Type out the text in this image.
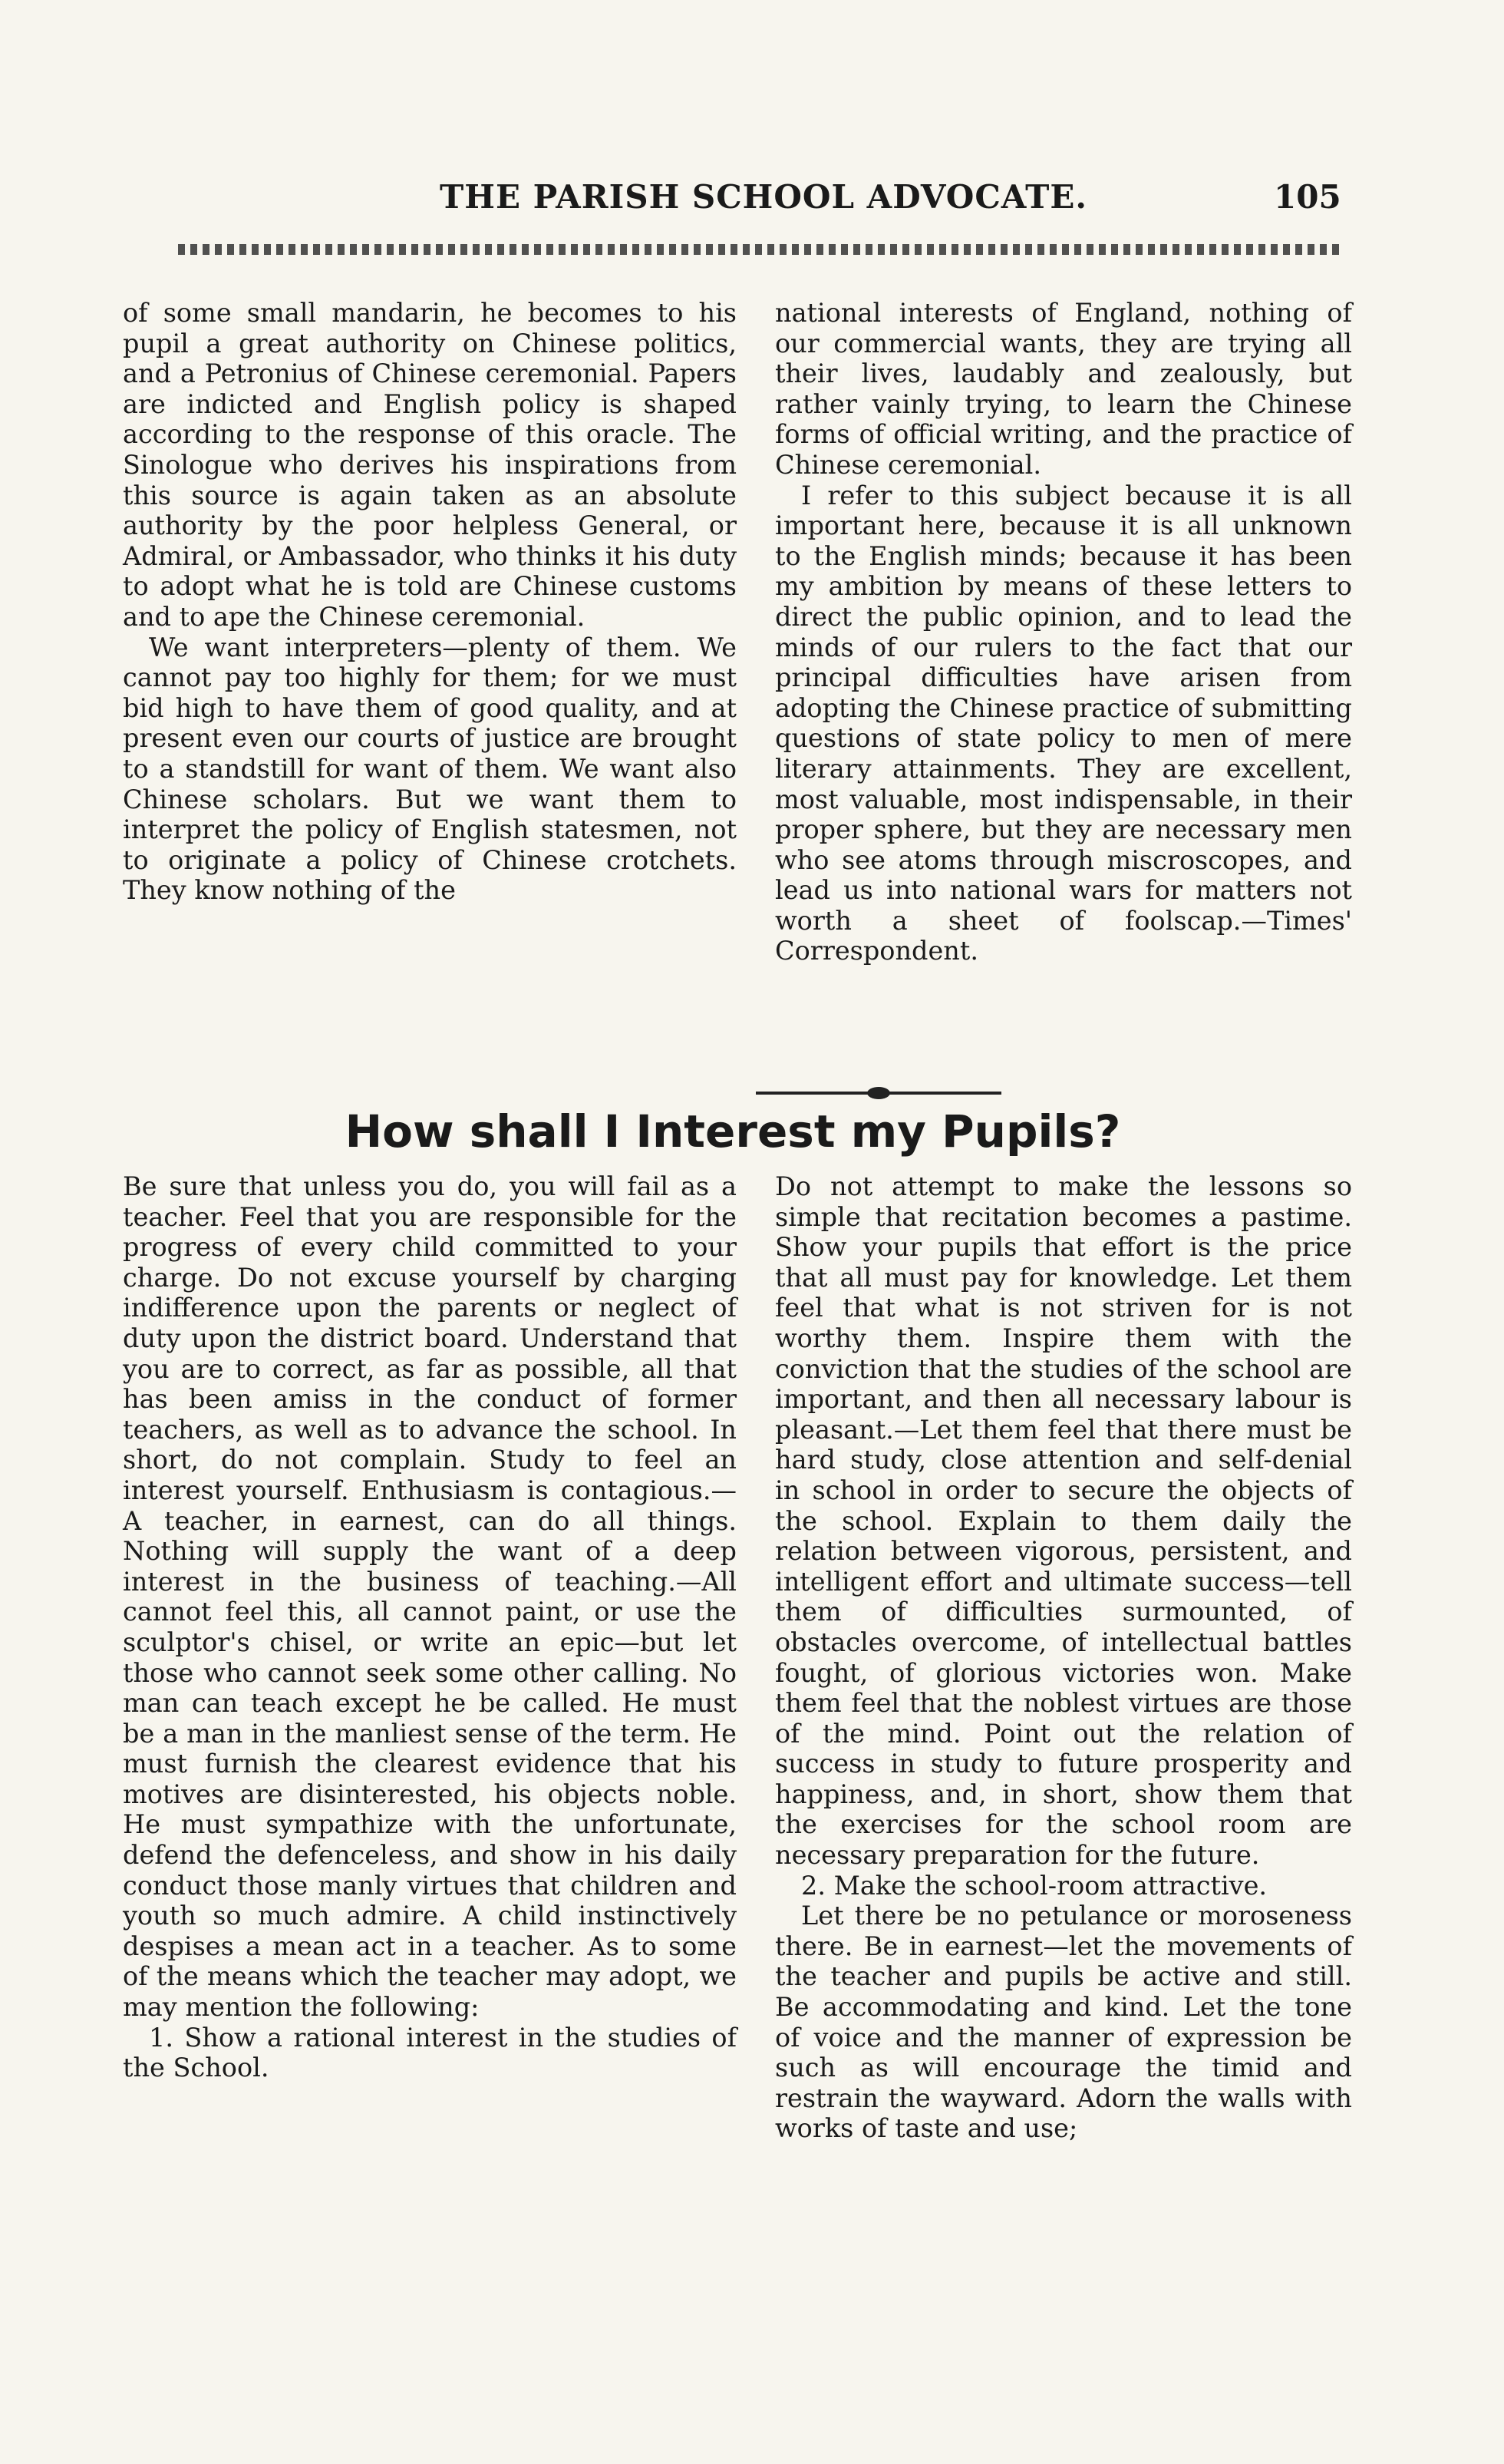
THE PARISH SCHOOL ADVOCATE.	105

of some small mandarin, he becomes to his pupil a great authority on Chinese politics, and a Petronius of Chinese ceremonial. Papers are indicted and English policy is shaped according to the response of this oracle. The Sinologue who derives his inspirations from this source is again taken as an absolute authority by the poor helpless General, or Admiral, or Ambassador, who thinks it his duty to adopt what he is told are Chinese customs and to ape the Chinese ceremonial.

We want interpreters—plenty of them. We cannot pay too highly for them; for we must bid high to have them of good quality, and at present even our courts of justice are brought to a standstill for want of them. We want also Chinese scholars. But we want them to interpret the policy of English statesmen, not to originate a policy of Chinese crotchets. They know nothing of the

national interests of England, nothing of our commercial wants, they are trying all their lives, laudably and zealously, but rather vainly trying, to learn the Chinese forms of official writing, and the practice of Chinese ceremonial.

I refer to this subject because it is all important here, because it is all unknown to the English minds; because it has been my ambition by means of these letters to direct the public opinion, and to lead the minds of our rulers to the fact that our principal difficulties have arisen from adopting the Chinese practice of submitting questions of state policy to men of mere literary attainments. They are excellent, most valuable, most indispensable, in their proper sphere, but they are necessary men who see atoms through miscroscopes, and lead us into national wars for matters not worth a sheet of foolscap.—Times' Correspondent.

How shall I Interest my Pupils?

Be sure that unless you do, you will fail as a teacher. Feel that you are responsible for the progress of every child committed to your charge. Do not excuse yourself by charging indifference upon the parents or neglect of duty upon the district board. Understand that you are to correct, as far as possible, all that has been amiss in the conduct of former teachers, as well as to advance the school. In short, do not complain. Study to feel an interest yourself. Enthusiasm is contagious.—A teacher, in earnest, can do all things. Nothing will supply the want of a deep interest in the business of teaching.—All cannot feel this, all cannot paint, or use the sculptor's chisel, or write an epic—but let those who cannot seek some other calling. No man can teach except he be called. He must be a man in the manliest sense of the term. He must furnish the clearest evidence that his motives are disinterested, his objects noble. He must sympathize with the unfortunate, defend the defenceless, and show in his daily conduct those manly virtues that children and youth so much admire. A child instinctively despises a mean act in a teacher. As to some of the means which the teacher may adopt, we may mention the following:

1. Show a rational interest in the studies of the School.

Do not attempt to make the lessons so simple that recitation becomes a pastime. Show your pupils that effort is the price that all must pay for knowledge. Let them feel that what is not striven for is not worthy them. Inspire them with the conviction that the studies of the school are important, and then all necessary labour is pleasant.—Let them feel that there must be hard study, close attention and self-denial in school in order to secure the objects of the school. Explain to them daily the relation between vigorous, persistent, and intelligent effort and ultimate success—tell them of difficulties surmounted, of obstacles overcome, of intellectual battles fought, of glorious victories won. Make them feel that the noblest virtues are those of the mind. Point out the relation of success in study to future prosperity and happiness, and, in short, show them that the exercises for the school room are necessary preparation for the future.

2. Make the school-room attractive.

Let there be no petulance or moroseness there. Be in earnest—let the movements of the teacher and pupils be active and still. Be accommodating and kind. Let the tone of voice and the manner of expression be such as will encourage the timid and restrain the wayward. Adorn the walls with works of taste and use;
